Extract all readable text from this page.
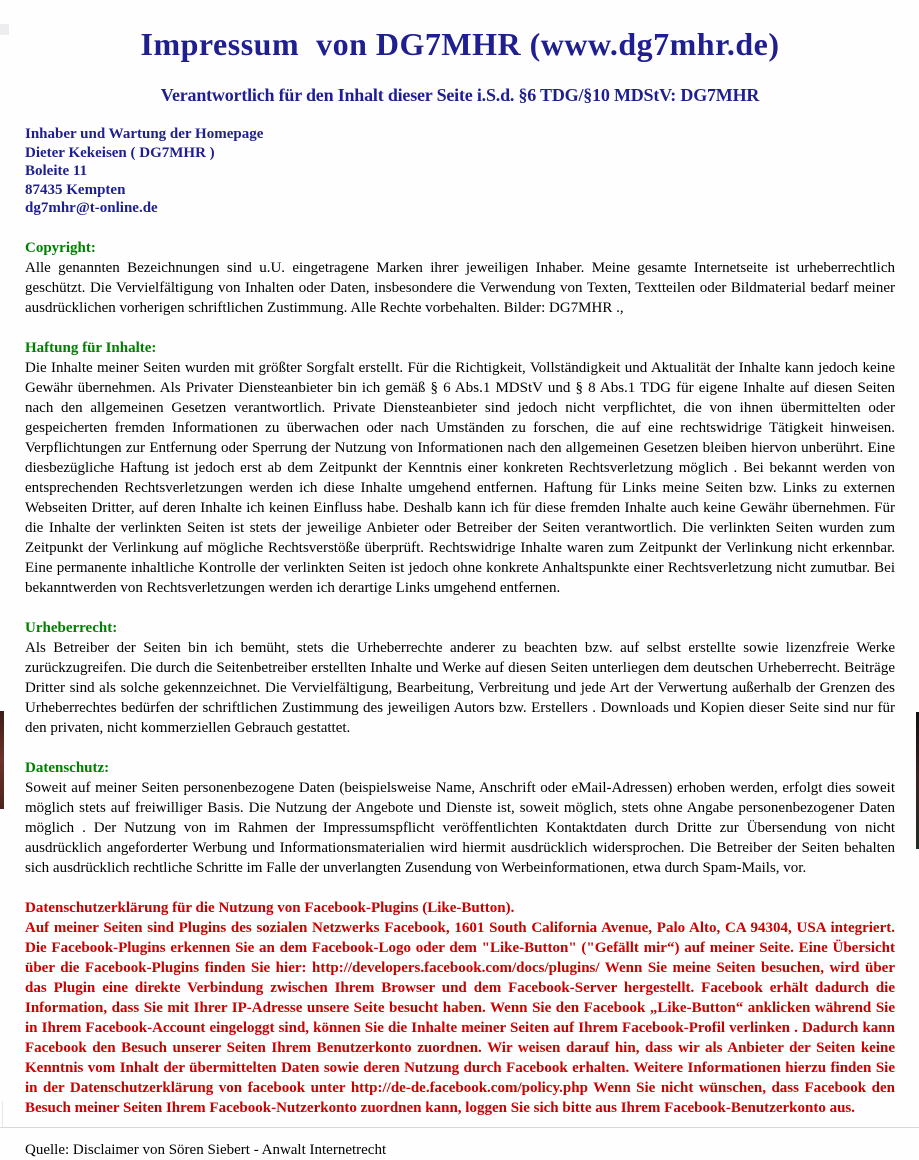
Impressum  von DG7MHR (www.dg7mhr.de)
Verantwortlich für den Inhalt dieser Seite i.S.d. §6 TDG/§10 MDStV: DG7MHR
Inhaber und Wartung der Homepage
Dieter Kekeisen ( DG7MHR )
Boleite 11
87435 Kempten
dg7mhr@t-online.de
Copyright:

Alle genannten Bezeichnungen sind u.U. eingetragene Marken ihrer jeweiligen Inhaber. Meine gesamte Internetseite ist urheberrechtlich geschützt. Die Vervielfältigung von Inhalten oder Daten, insbesondere die Verwendung von Texten, Textteilen oder Bildmaterial bedarf meiner ausdrücklichen vorherigen schriftlichen Zustimmung. Alle Rechte vorbehalten. Bilder: DG7MHR .,

Haftung für Inhalte:

Die Inhalte meiner Seiten wurden mit größter Sorgfalt erstellt. Für die Richtigkeit, Vollständigkeit und Aktualität der Inhalte kann jedoch keine Gewähr übernehmen. Als Privater Diensteanbieter bin ich gemäß § 6 Abs.1 MDStV und § 8 Abs.1 TDG für eigene Inhalte auf diesen Seiten nach den allgemeinen Gesetzen verantwortlich. Private Diensteanbieter sind jedoch nicht verpflichtet, die von ihnen übermittelten oder gespeicherten fremden Informationen zu überwachen oder nach Umständen zu forschen, die auf eine rechtswidrige Tätigkeit hinweisen. Verpflichtungen zur Entfernung oder Sperrung der Nutzung von Informationen nach den allgemeinen Gesetzen bleiben hiervon unberührt. Eine diesbezügliche Haftung ist jedoch erst ab dem Zeitpunkt der Kenntnis einer konkreten Rechtsverletzung möglich . Bei bekannt werden von entsprechenden Rechtsverletzungen werden ich diese Inhalte umgehend entfernen. Haftung für Links meine Seiten bzw. Links zu externen Webseiten Dritter, auf deren Inhalte ich keinen Einfluss habe. Deshalb kann ich für diese fremden Inhalte auch keine Gewähr übernehmen. Für die Inhalte der verlinkten Seiten ist stets der jeweilige Anbieter oder Betreiber der Seiten verantwortlich. Die verlinkten Seiten wurden zum Zeitpunkt der Verlinkung auf mögliche Rechtsverstöße überprüft. Rechtswidrige Inhalte waren zum Zeitpunkt der Verlinkung nicht erkennbar. Eine permanente inhaltliche Kontrolle der verlinkten Seiten ist jedoch ohne konkrete Anhaltspunkte einer Rechtsverletzung nicht zumutbar. Bei bekanntwerden von Rechtsverletzungen werden ich derartige Links umgehend entfernen.

Urheberrecht:

Als Betreiber der Seiten bin ich bemüht, stets die Urheberrechte anderer zu beachten bzw. auf selbst erstellte sowie lizenzfreie Werke zurückzugreifen. Die durch die Seitenbetreiber erstellten Inhalte und Werke auf diesen Seiten unterliegen dem deutschen Urheberrecht. Beiträge Dritter sind als solche gekennzeichnet. Die Vervielfältigung, Bearbeitung, Verbreitung und jede Art der Verwertung außerhalb der Grenzen des Urheberrechtes bedürfen der schriftlichen Zustimmung des jeweiligen Autors bzw. Erstellers . Downloads und Kopien dieser Seite sind nur für den privaten, nicht kommerziellen Gebrauch gestattet.

Datenschutz:

Soweit auf meiner Seiten personenbezogene Daten (beispielsweise Name, Anschrift oder eMail-Adressen) erhoben werden, erfolgt dies soweit möglich stets auf freiwilliger Basis. Die Nutzung der Angebote und Dienste ist, soweit möglich, stets ohne Angabe personenbezogener Daten möglich . Der Nutzung von im Rahmen der Impressumspflicht veröffentlichten Kontaktdaten durch Dritte zur Übersendung von nicht ausdrücklich angeforderter Werbung und Informationsmaterialien wird hiermit ausdrücklich widersprochen. Die Betreiber der Seiten behalten sich ausdrücklich rechtliche Schritte im Falle der unverlangten Zusendung von Werbeinformationen, etwa durch Spam-Mails, vor.

Datenschutzerklärung für die Nutzung von Facebook-Plugins (Like-Button).

Auf meiner Seiten sind Plugins des sozialen Netzwerks Facebook, 1601 South California Avenue, Palo Alto, CA 94304, USA integriert. Die Facebook-Plugins erkennen Sie an dem Facebook-Logo oder dem "Like-Button" ("Gefällt mir“) auf meiner Seite. Eine Übersicht über die Facebook-Plugins finden Sie hier: http://developers.facebook.com/docs/plugins/ Wenn Sie meine Seiten besuchen, wird über das Plugin eine direkte Verbindung zwischen Ihrem Browser und dem Facebook-Server hergestellt. Facebook erhält dadurch die Information, dass Sie mit Ihrer IP-Adresse unsere Seite besucht haben. Wenn Sie den Facebook „Like-Button“ anklicken während Sie in Ihrem Facebook-Account eingeloggt sind, können Sie die Inhalte meiner Seiten auf Ihrem Facebook-Profil verlinken . Dadurch kann Facebook den Besuch unserer Seiten Ihrem Benutzerkonto zuordnen. Wir weisen darauf hin, dass wir als Anbieter der Seiten keine Kenntnis vom Inhalt der übermittelten Daten sowie deren Nutzung durch Facebook erhalten. Weitere Informationen hierzu finden Sie in der Datenschutzerklärung von facebook unter http://de-de.facebook.com/policy.php Wenn Sie nicht wünschen, dass Facebook den Besuch meiner Seiten Ihrem Facebook-Nutzerkonto zuordnen kann, loggen Sie sich bitte aus Ihrem Facebook-Benutzerkonto aus.

Quelle: Disclaimer von Sören Siebert - Anwalt Internetrecht
